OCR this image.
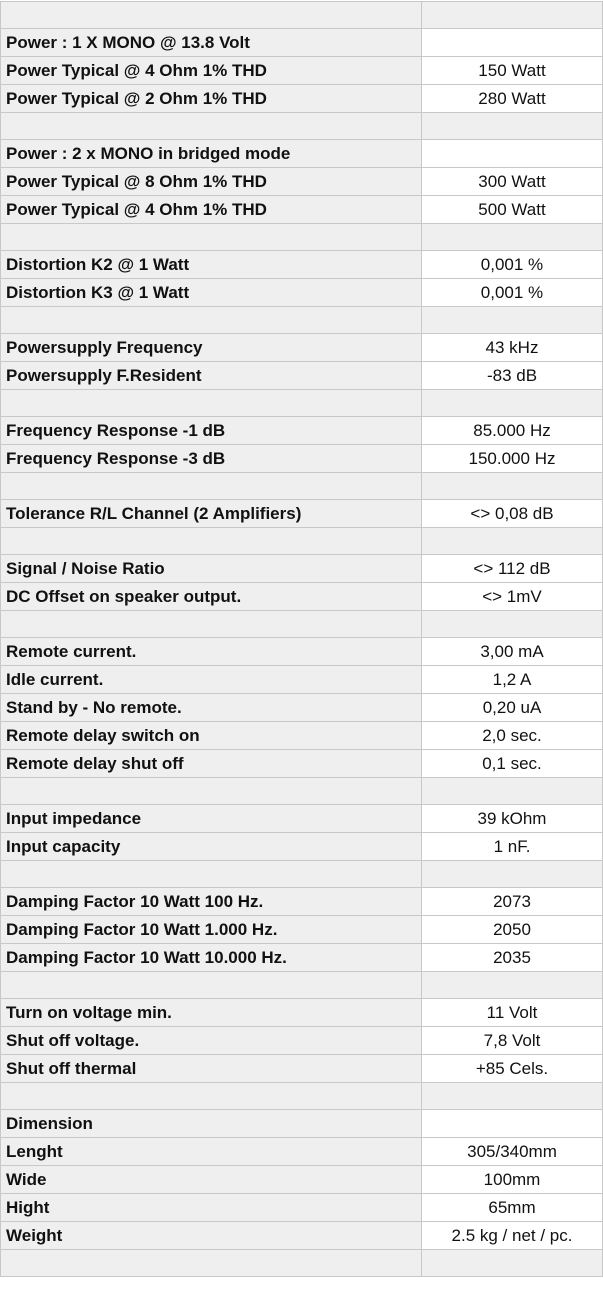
Power : 1 X MONO @ 13.8 Volt	
Power Typical @ 4 Ohm 1% THD	150 Watt
Power Typical @ 2 Ohm 1% THD	280 Watt

Power : 2 x MONO in bridged mode	
Power Typical @ 8 Ohm 1% THD	300 Watt
Power Typical @ 4 Ohm 1% THD	500 Watt

Distortion K2 @ 1 Watt	0,001 %
Distortion K3 @ 1 Watt	0,001 %

Powersupply Frequency	43 kHz
Powersupply F.Resident	-83 dB

Frequency Response -1 dB	85.000 Hz
Frequency Response -3 dB	150.000 Hz

Tolerance R/L Channel (2 Amplifiers)	<> 0,08 dB

Signal / Noise Ratio	<> 112 dB
DC Offset on speaker output.	<> 1mV

Remote current.	3,00 mA
Idle current.	1,2 A
Stand by - No remote.	0,20 uA
Remote delay switch on	2,0 sec.
Remote delay shut off	0,1 sec.

Input impedance	39 kOhm
Input capacity	1 nF.

Damping Factor 10 Watt 100 Hz.	2073
Damping Factor 10 Watt 1.000 Hz.	2050
Damping Factor 10 Watt 10.000 Hz.	2035

Turn on voltage min.	11 Volt
Shut off voltage.	7,8 Volt
Shut off thermal	+85 Cels.

Dimension	
Lenght	305/340mm
Wide	100mm
Hight	65mm
Weight	2.5 kg / net / pc.
